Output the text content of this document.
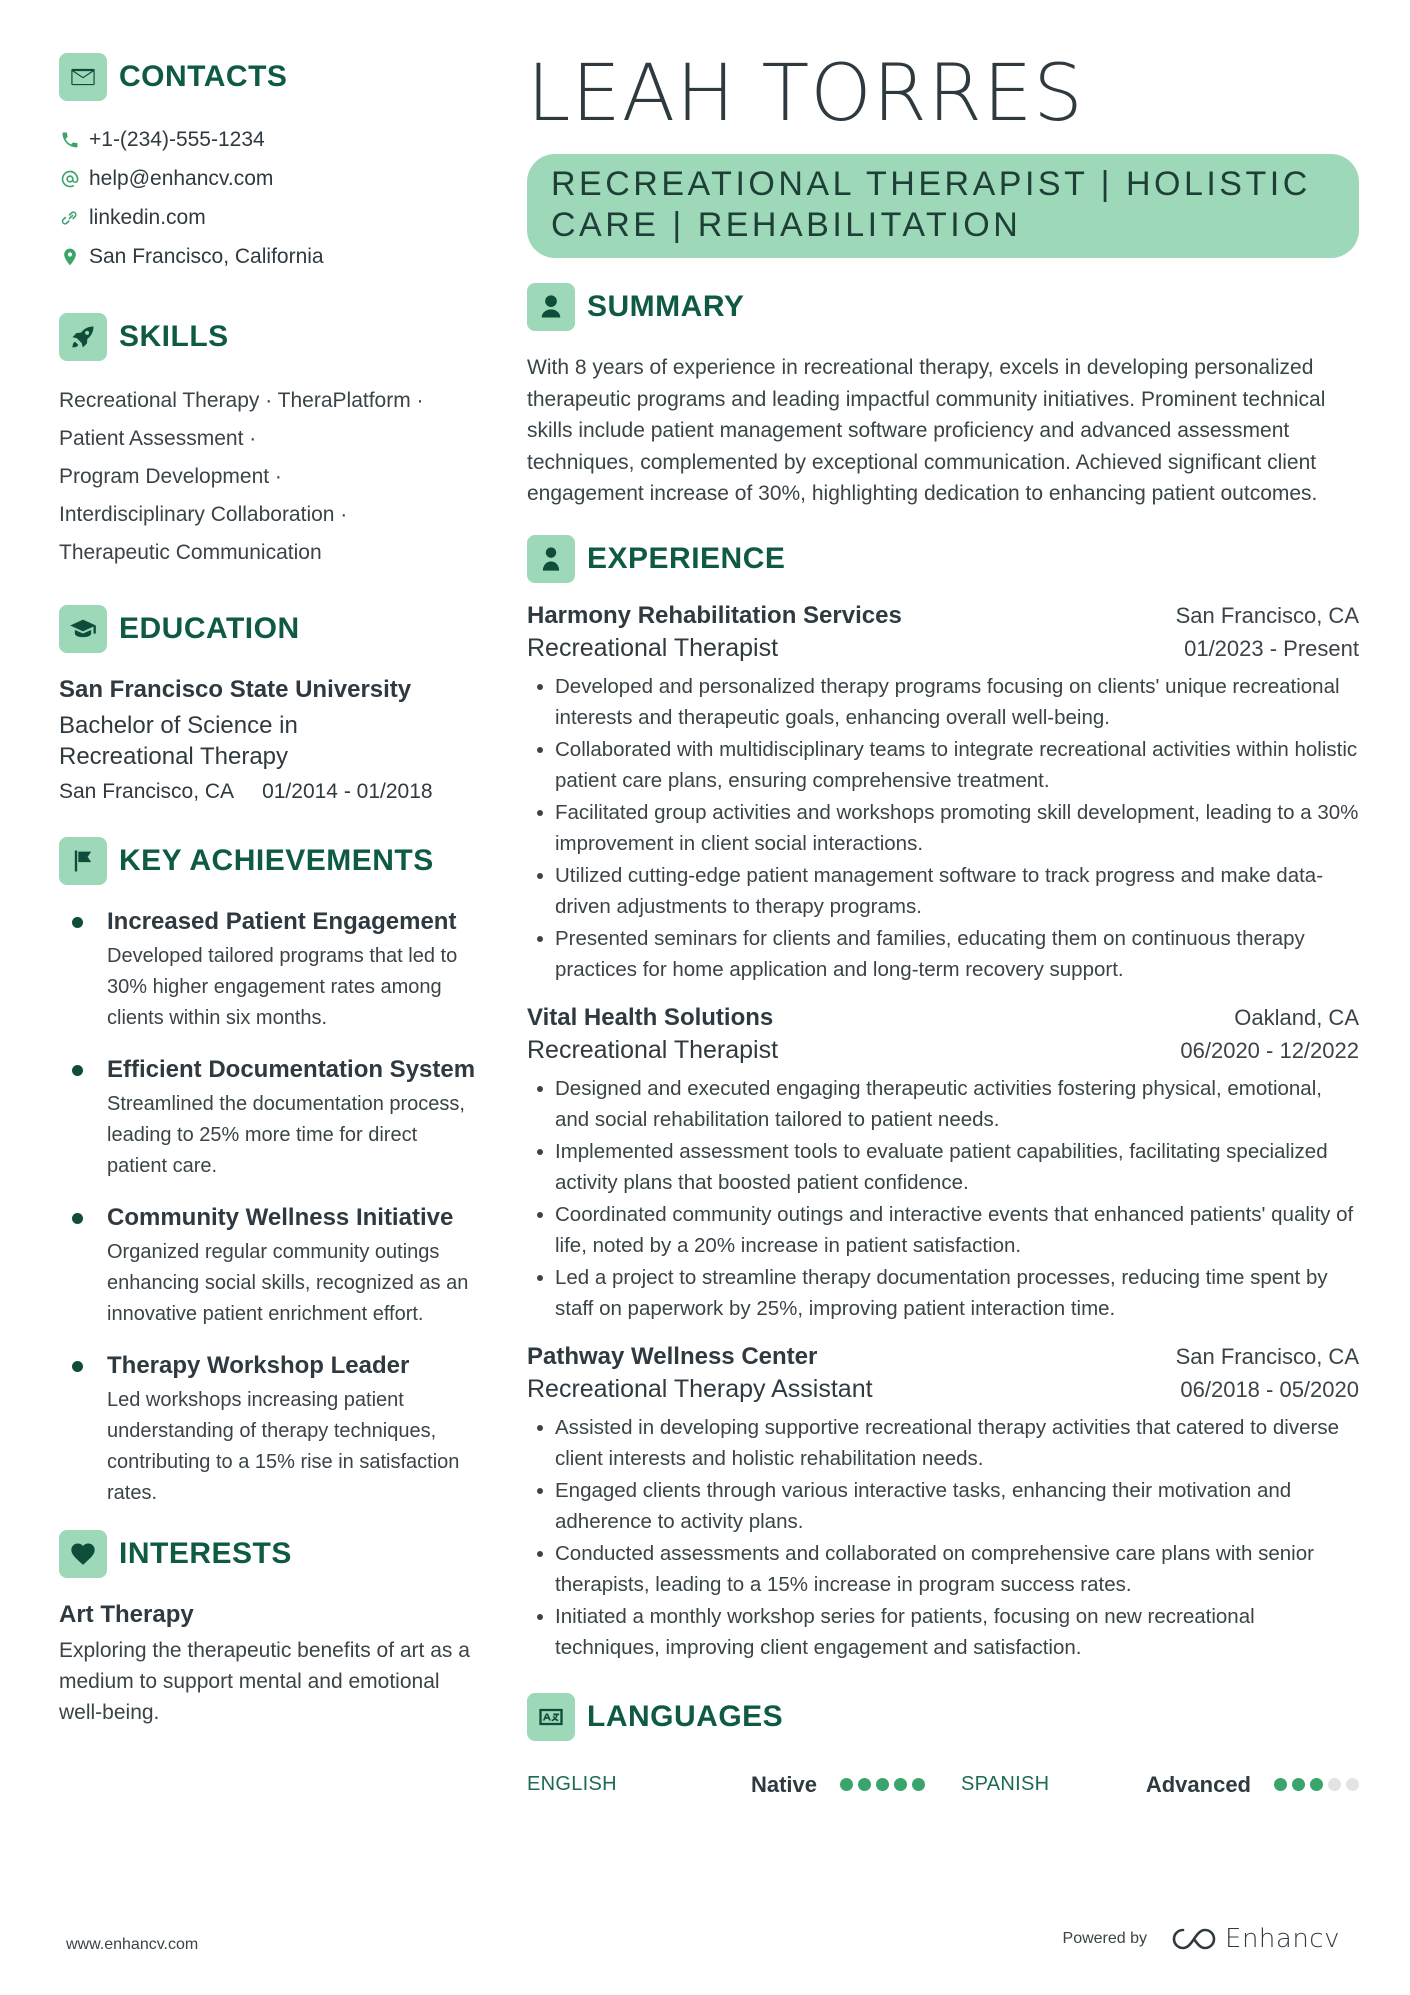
CONTACTS
+1-(234)-555-1234
help@enhancv.com
linkedin.com
San Francisco, California
SKILLS
Recreational Therapy · TheraPlatform ·
Patient Assessment ·
Program Development ·
Interdisciplinary Collaboration ·
Therapeutic Communication
EDUCATION
San Francisco State University
Bachelor of Science in
Recreational Therapy
San Francisco, CA 01/2014 - 01/2018
KEY ACHIEVEMENTS
Increased Patient Engagement
Developed tailored programs that led to 30% higher engagement rates among clients within six months.
Efficient Documentation System
Streamlined the documentation process, leading to 25% more time for direct patient care.
Community Wellness Initiative
Organized regular community outings enhancing social skills, recognized as an innovative patient enrichment effort.
Therapy Workshop Leader
Led workshops increasing patient understanding of therapy techniques, contributing to a 15% rise in satisfaction rates.
INTERESTS
Art Therapy
Exploring the therapeutic benefits of art as a medium to support mental and emotional well-being.
LEAH TORRES
RECREATIONAL THERAPIST | HOLISTIC CARE | REHABILITATION
SUMMARY
With 8 years of experience in recreational therapy, excels in developing personalized therapeutic programs and leading impactful community initiatives. Prominent technical skills include patient management software proficiency and advanced assessment techniques, complemented by exceptional communication. Achieved significant client engagement increase of 30%, highlighting dedication to enhancing patient outcomes.
EXPERIENCE
Harmony Rehabilitation Services	San Francisco, CA
Recreational Therapist	01/2023 - Present
Developed and personalized therapy programs focusing on clients' unique recreational interests and therapeutic goals, enhancing overall well-being.
Collaborated with multidisciplinary teams to integrate recreational activities within holistic patient care plans, ensuring comprehensive treatment.
Facilitated group activities and workshops promoting skill development, leading to a 30% improvement in client social interactions.
Utilized cutting-edge patient management software to track progress and make data-driven adjustments to therapy programs.
Presented seminars for clients and families, educating them on continuous therapy practices for home application and long-term recovery support.
Vital Health Solutions	Oakland, CA
Recreational Therapist	06/2020 - 12/2022
Designed and executed engaging therapeutic activities fostering physical, emotional, and social rehabilitation tailored to patient needs.
Implemented assessment tools to evaluate patient capabilities, facilitating specialized activity plans that boosted patient confidence.
Coordinated community outings and interactive events that enhanced patients' quality of life, noted by a 20% increase in patient satisfaction.
Led a project to streamline therapy documentation processes, reducing time spent by staff on paperwork by 25%, improving patient interaction time.
Pathway Wellness Center	San Francisco, CA
Recreational Therapy Assistant	06/2018 - 05/2020
Assisted in developing supportive recreational therapy activities that catered to diverse client interests and holistic rehabilitation needs.
Engaged clients through various interactive tasks, enhancing their motivation and adherence to activity plans.
Conducted assessments and collaborated on comprehensive care plans with senior therapists, leading to a 15% increase in program success rates.
Initiated a monthly workshop series for patients, focusing on new recreational techniques, improving client engagement and satisfaction.
LANGUAGES
ENGLISH	Native	SPANISH	Advanced
www.enhancv.com	Powered by	Enhancv
